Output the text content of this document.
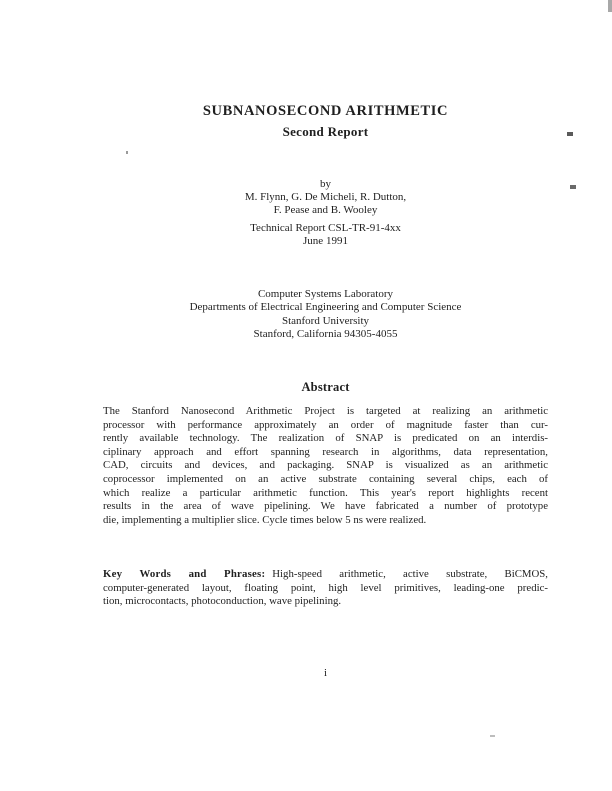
SUBNANOSECOND ARITHMETIC
Second Report
by
M. Flynn, G. De Micheli, R. Dutton,
F. Pease and B. Wooley
Technical Report CSL-TR-91-4xx
June 1991
Computer Systems Laboratory
Departments of Electrical Engineering and Computer Science
Stanford University
Stanford, California 94305-4055
Abstract
The Stanford Nanosecond Arithmetic Project is targeted at realizing an arithmetic
processor with performance approximately an order of magnitude faster than cur-
rently available technology. The realization of SNAP is predicated on an interdis-
ciplinary approach and effort spanning research in algorithms, data representation,
CAD, circuits and devices, and packaging. SNAP is visualized as an arithmetic
coprocessor implemented on an active substrate containing several chips, each of
which realize a particular arithmetic function. This year's report highlights recent
results in the area of wave pipelining. We have fabricated a number of prototype
die, implementing a multiplier slice. Cycle times below 5 ns were realized.
Key Words and Phrases: High-speed arithmetic, active substrate, BiCMOS,
computer-generated layout, floating point, high level primitives, leading-one predic-
tion, microcontacts, photoconduction, wave pipelining.
i
